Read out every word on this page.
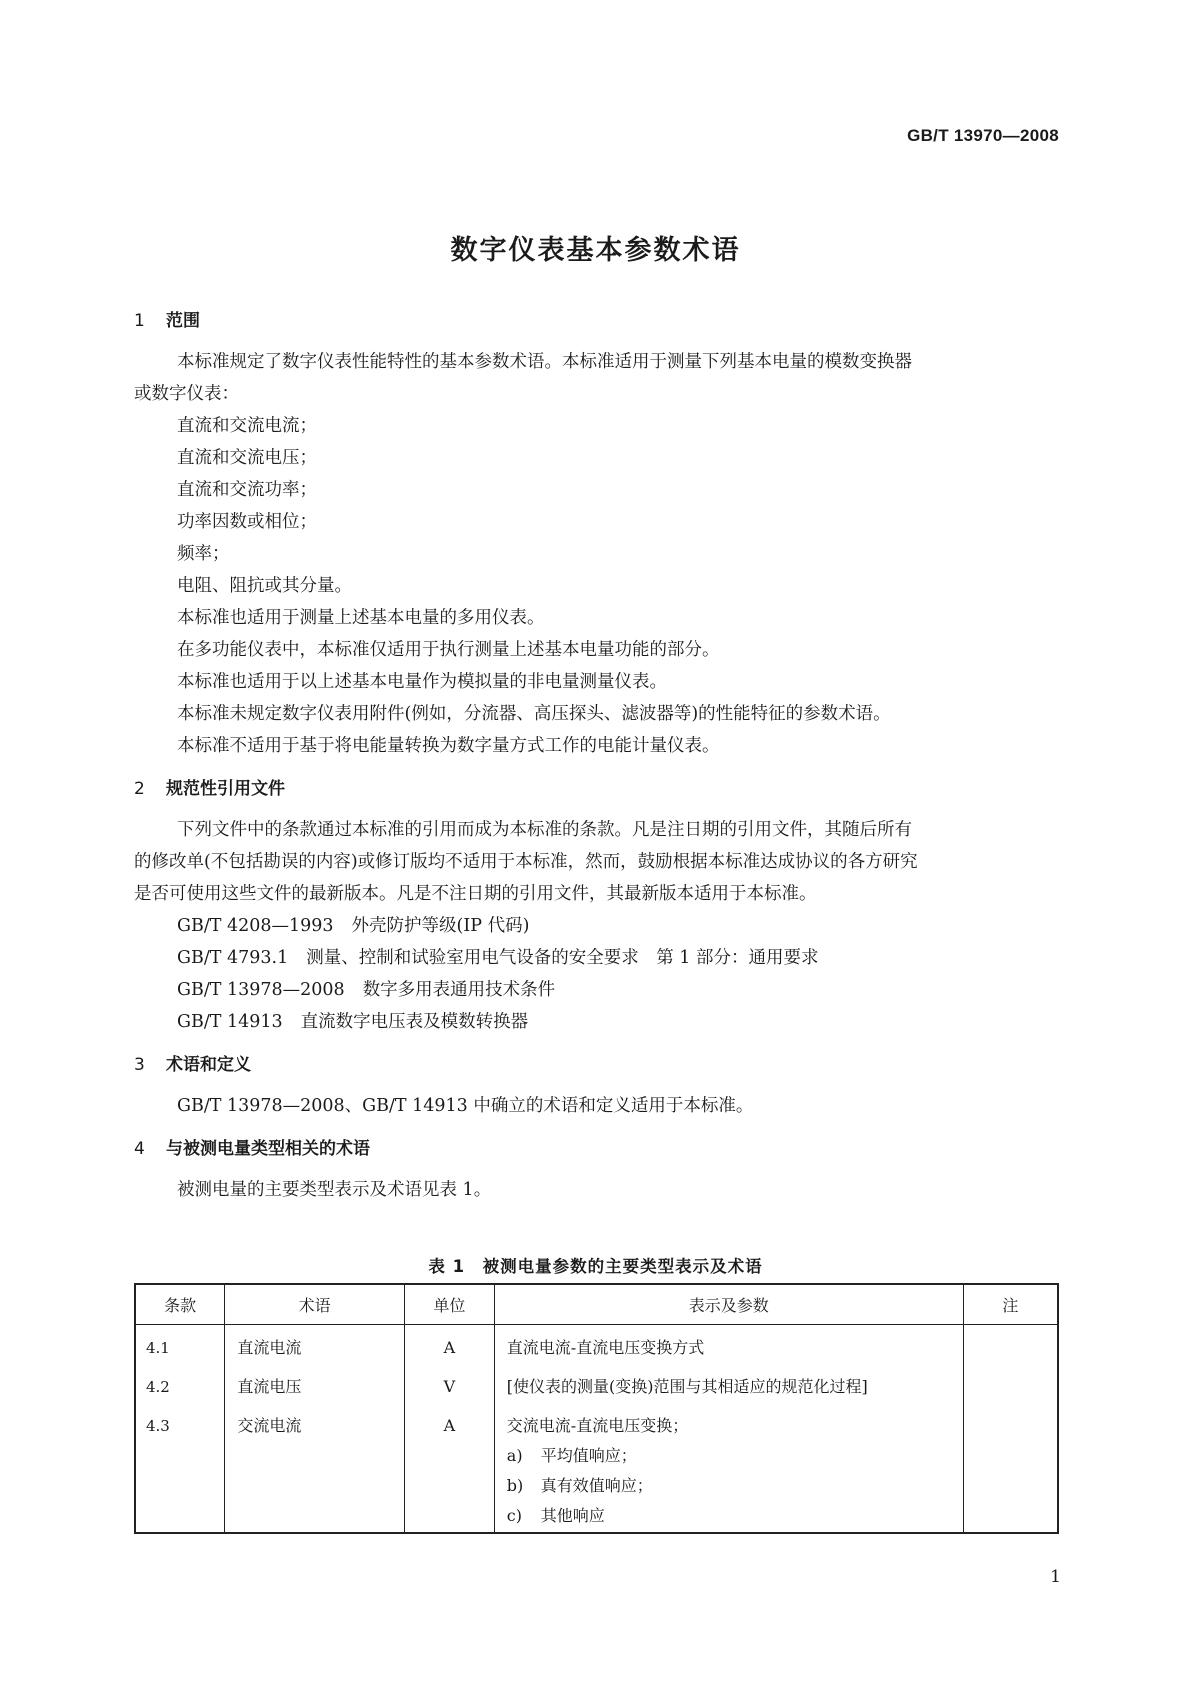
GB/T 13970—2008
数字仪表基本参数术语
1 范围
本标准规定了数字仪表性能特性的基本参数术语。本标准适用于测量下列基本电量的模数变换器
或数字仪表：
直流和交流电流；
直流和交流电压；
直流和交流功率；
功率因数或相位；
频率；
电阻、阻抗或其分量。
本标准也适用于测量上述基本电量的多用仪表。
在多功能仪表中，本标准仅适用于执行测量上述基本电量功能的部分。
本标准也适用于以上述基本电量作为模拟量的非电量测量仪表。
本标准未规定数字仪表用附件(例如，分流器、高压探头、滤波器等)的性能特征的参数术语。
本标准不适用于基于将电能量转换为数字量方式工作的电能计量仪表。
2 规范性引用文件
下列文件中的条款通过本标准的引用而成为本标准的条款。凡是注日期的引用文件，其随后所有
的修改单(不包括勘误的内容)或修订版均不适用于本标准，然而，鼓励根据本标准达成协议的各方研究
是否可使用这些文件的最新版本。凡是不注日期的引用文件，其最新版本适用于本标准。
GB/T 4208—1993 外壳防护等级(IP 代码)
GB/T 4793.1 测量、控制和试验室用电气设备的安全要求　第 1 部分：通用要求
GB/T 13978—2008 数字多用表通用技术条件
GB/T 14913 直流数字电压表及模数转换器
3 术语和定义
GB/T 13978—2008、GB/T 14913 中确立的术语和定义适用于本标准。
4 与被测电量类型相关的术语
被测电量的主要类型表示及术语见表 1。
表 1　被测电量参数的主要类型表示及术语
条款	术语	单位	表示及参数	注
4.1	直流电流	A	直流电流-直流电压变换方式	
4.2	直流电压	V	[使仪表的测量(变换)范围与其相适应的规范化过程]	
4.3	交流电流	A	交流电流-直流电压变换；
a) 平均值响应；
b) 真有效值响应；
c) 其他响应	

1
